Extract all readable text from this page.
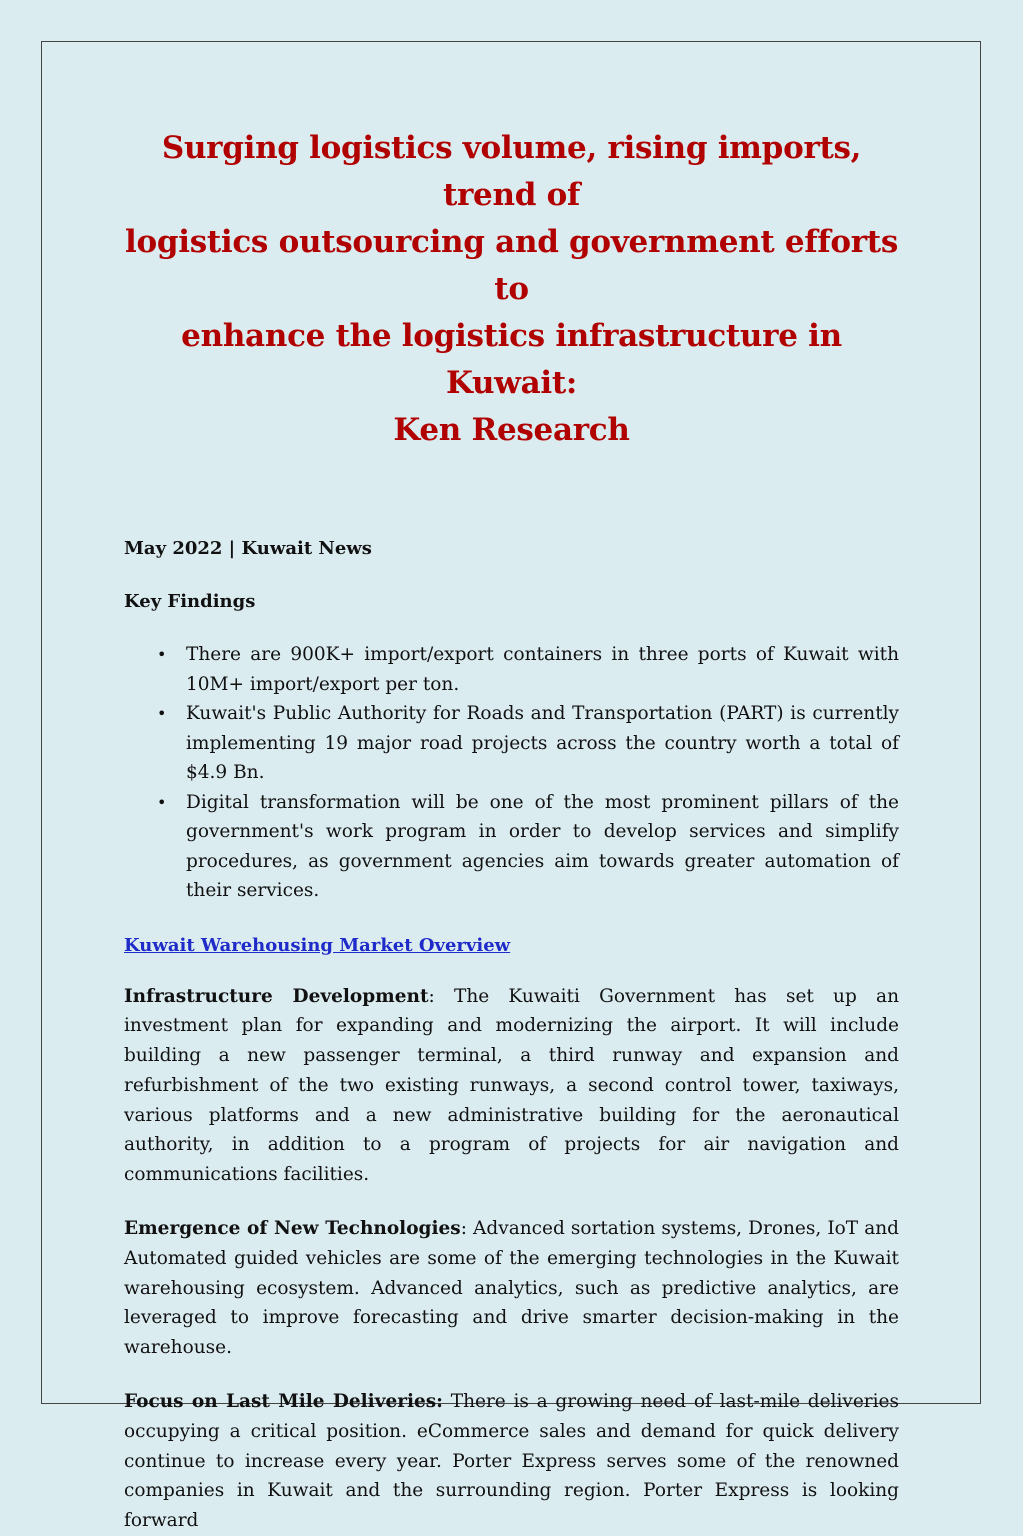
Surging logistics volume, rising imports, trend of
logistics outsourcing and government efforts to
enhance the logistics infrastructure in Kuwait:
Ken Research
May 2022 | Kuwait News
Key Findings
• There are 900K+ import/export containers in three ports of Kuwait with 10M+ import/export per ton.
• Kuwait's Public Authority for Roads and Transportation (PART) is currently implementing 19 major road projects across the country worth a total of $4.9 Bn.
• Digital transformation will be one of the most prominent pillars of the government's work program in order to develop services and simplify procedures, as government agencies aim towards greater automation of their services.
Kuwait Warehousing Market Overview

Infrastructure Development: The Kuwaiti Government has set up an investment plan for expanding and modernizing the airport. It will include building a new passenger terminal, a third runway and expansion and refurbishment of the two existing runways, a second control tower, taxiways, various platforms and a new administrative building for the aeronautical authority, in addition to a program of projects for air navigation and communications facilities.

Emergence of New Technologies: Advanced sortation systems, Drones, IoT and Automated guided vehicles are some of the emerging technologies in the Kuwait warehousing ecosystem. Advanced analytics, such as predictive analytics, are leveraged to improve forecasting and drive smarter decision-making in the warehouse.

Focus on Last Mile Deliveries: There is a growing need of last-mile deliveries occupying a critical position. eCommerce sales and demand for quick delivery continue to increase every year. Porter Express serves some of the renowned companies in Kuwait and the surrounding region. Porter Express is looking forward
